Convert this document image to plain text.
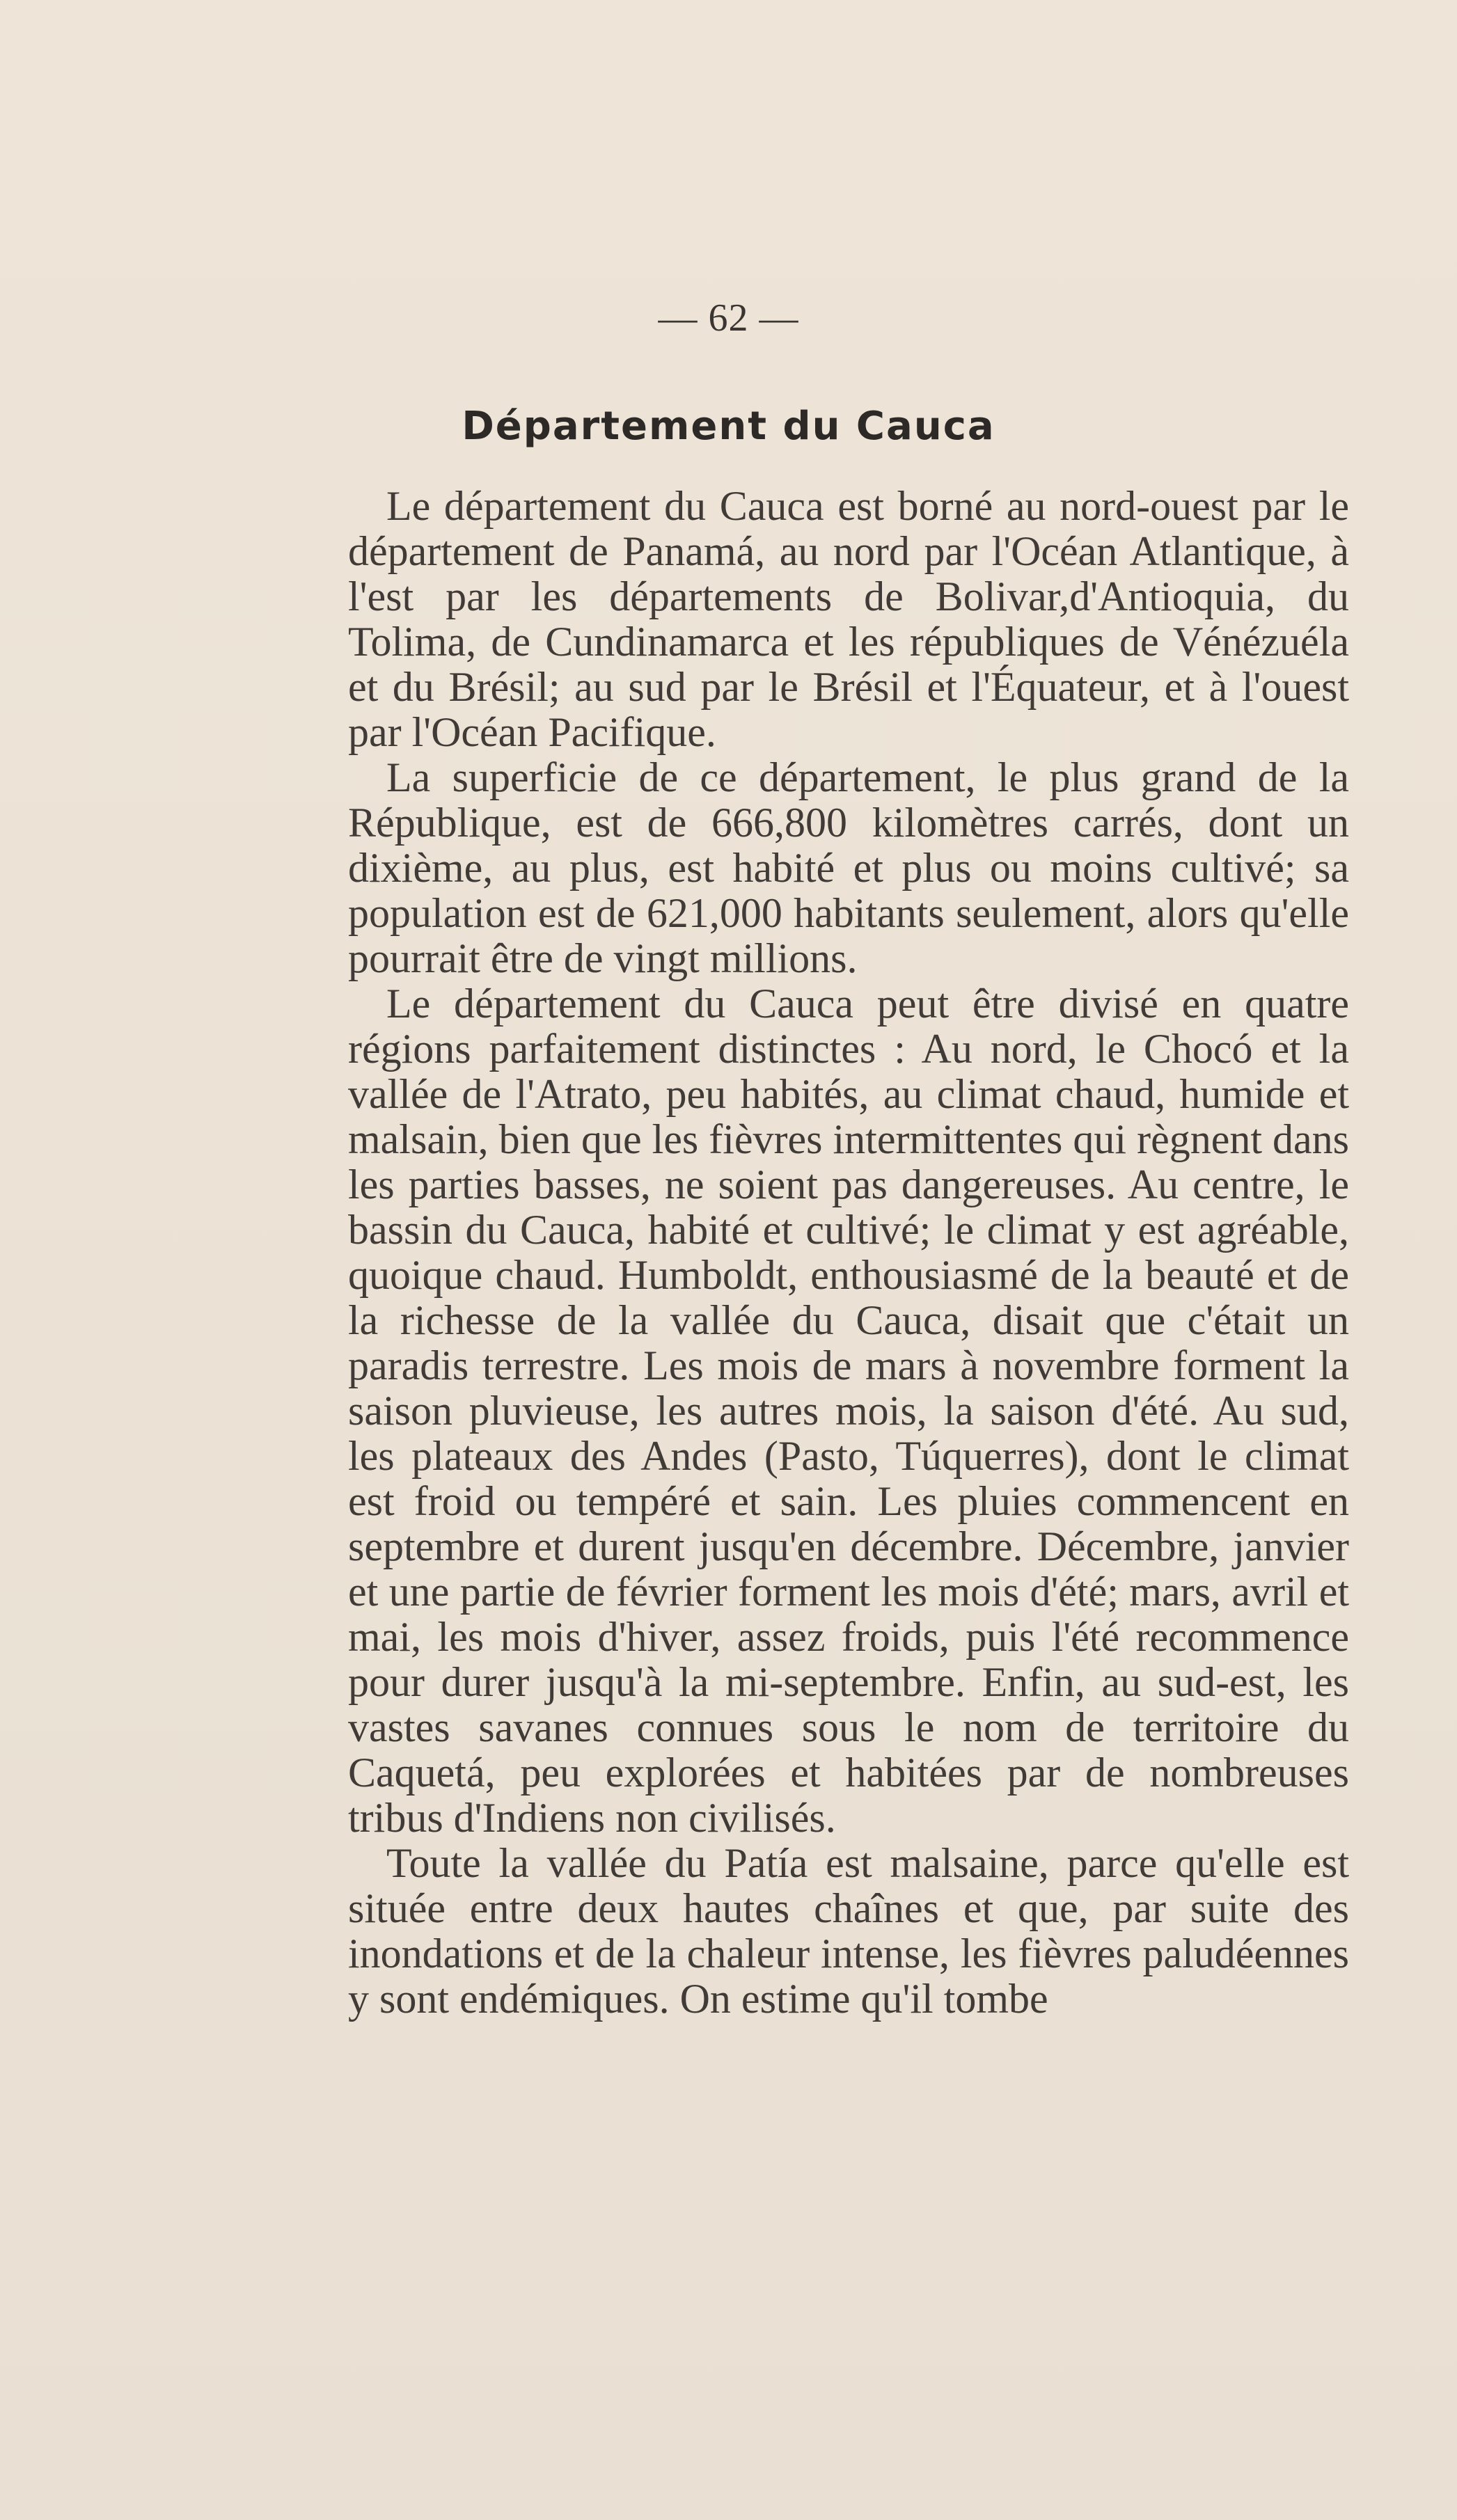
— 62 —
Département du Cauca

Le département du Cauca est borné au nord-ouest par le département de Panamá, au nord par l'Océan Atlantique, à l'est par les départements de Bolivar,d'Antioquia, du Tolima, de Cundinamarca et les républiques de Vénézuéla et du Brésil; au sud par le Brésil et l'Équateur, et à l'ouest par l'Océan Pacifique.

La superficie de ce département, le plus grand de la République, est de 666,800 kilomètres carrés, dont un dixième, au plus, est habité et plus ou moins cultivé; sa population est de 621,000 habitants seulement, alors qu'elle pourrait être de vingt millions.

Le département du Cauca peut être divisé en quatre régions parfaitement distinctes : Au nord, le Chocó et la vallée de l'Atrato, peu habités, au climat chaud, humide et malsain, bien que les fièvres intermittentes qui règnent dans les parties basses, ne soient pas dangereuses. Au centre, le bassin du Cauca, habité et cultivé; le climat y est agréable, quoique chaud. Humboldt, enthousiasmé de la beauté et de la richesse de la vallée du Cauca, disait que c'était un paradis terrestre. Les mois de mars à novembre forment la saison pluvieuse, les autres mois, la saison d'été. Au sud, les plateaux des Andes (Pasto, Túquerres), dont le climat est froid ou tempéré et sain. Les pluies commencent en septembre et durent jusqu'en décembre. Décembre, janvier et une partie de février forment les mois d'été; mars, avril et mai, les mois d'hiver, assez froids, puis l'été recommence pour durer jusqu'à la mi-septembre. Enfin, au sud-est, les vastes savanes connues sous le nom de territoire du Caquetá, peu explorées et habitées par de nombreuses tribus d'Indiens non civilisés.

Toute la vallée du Patía est malsaine, parce qu'elle est située entre deux hautes chaînes et que, par suite des inondations et de la chaleur intense, les fièvres paludéennes y sont endémiques. On estime qu'il tombe
